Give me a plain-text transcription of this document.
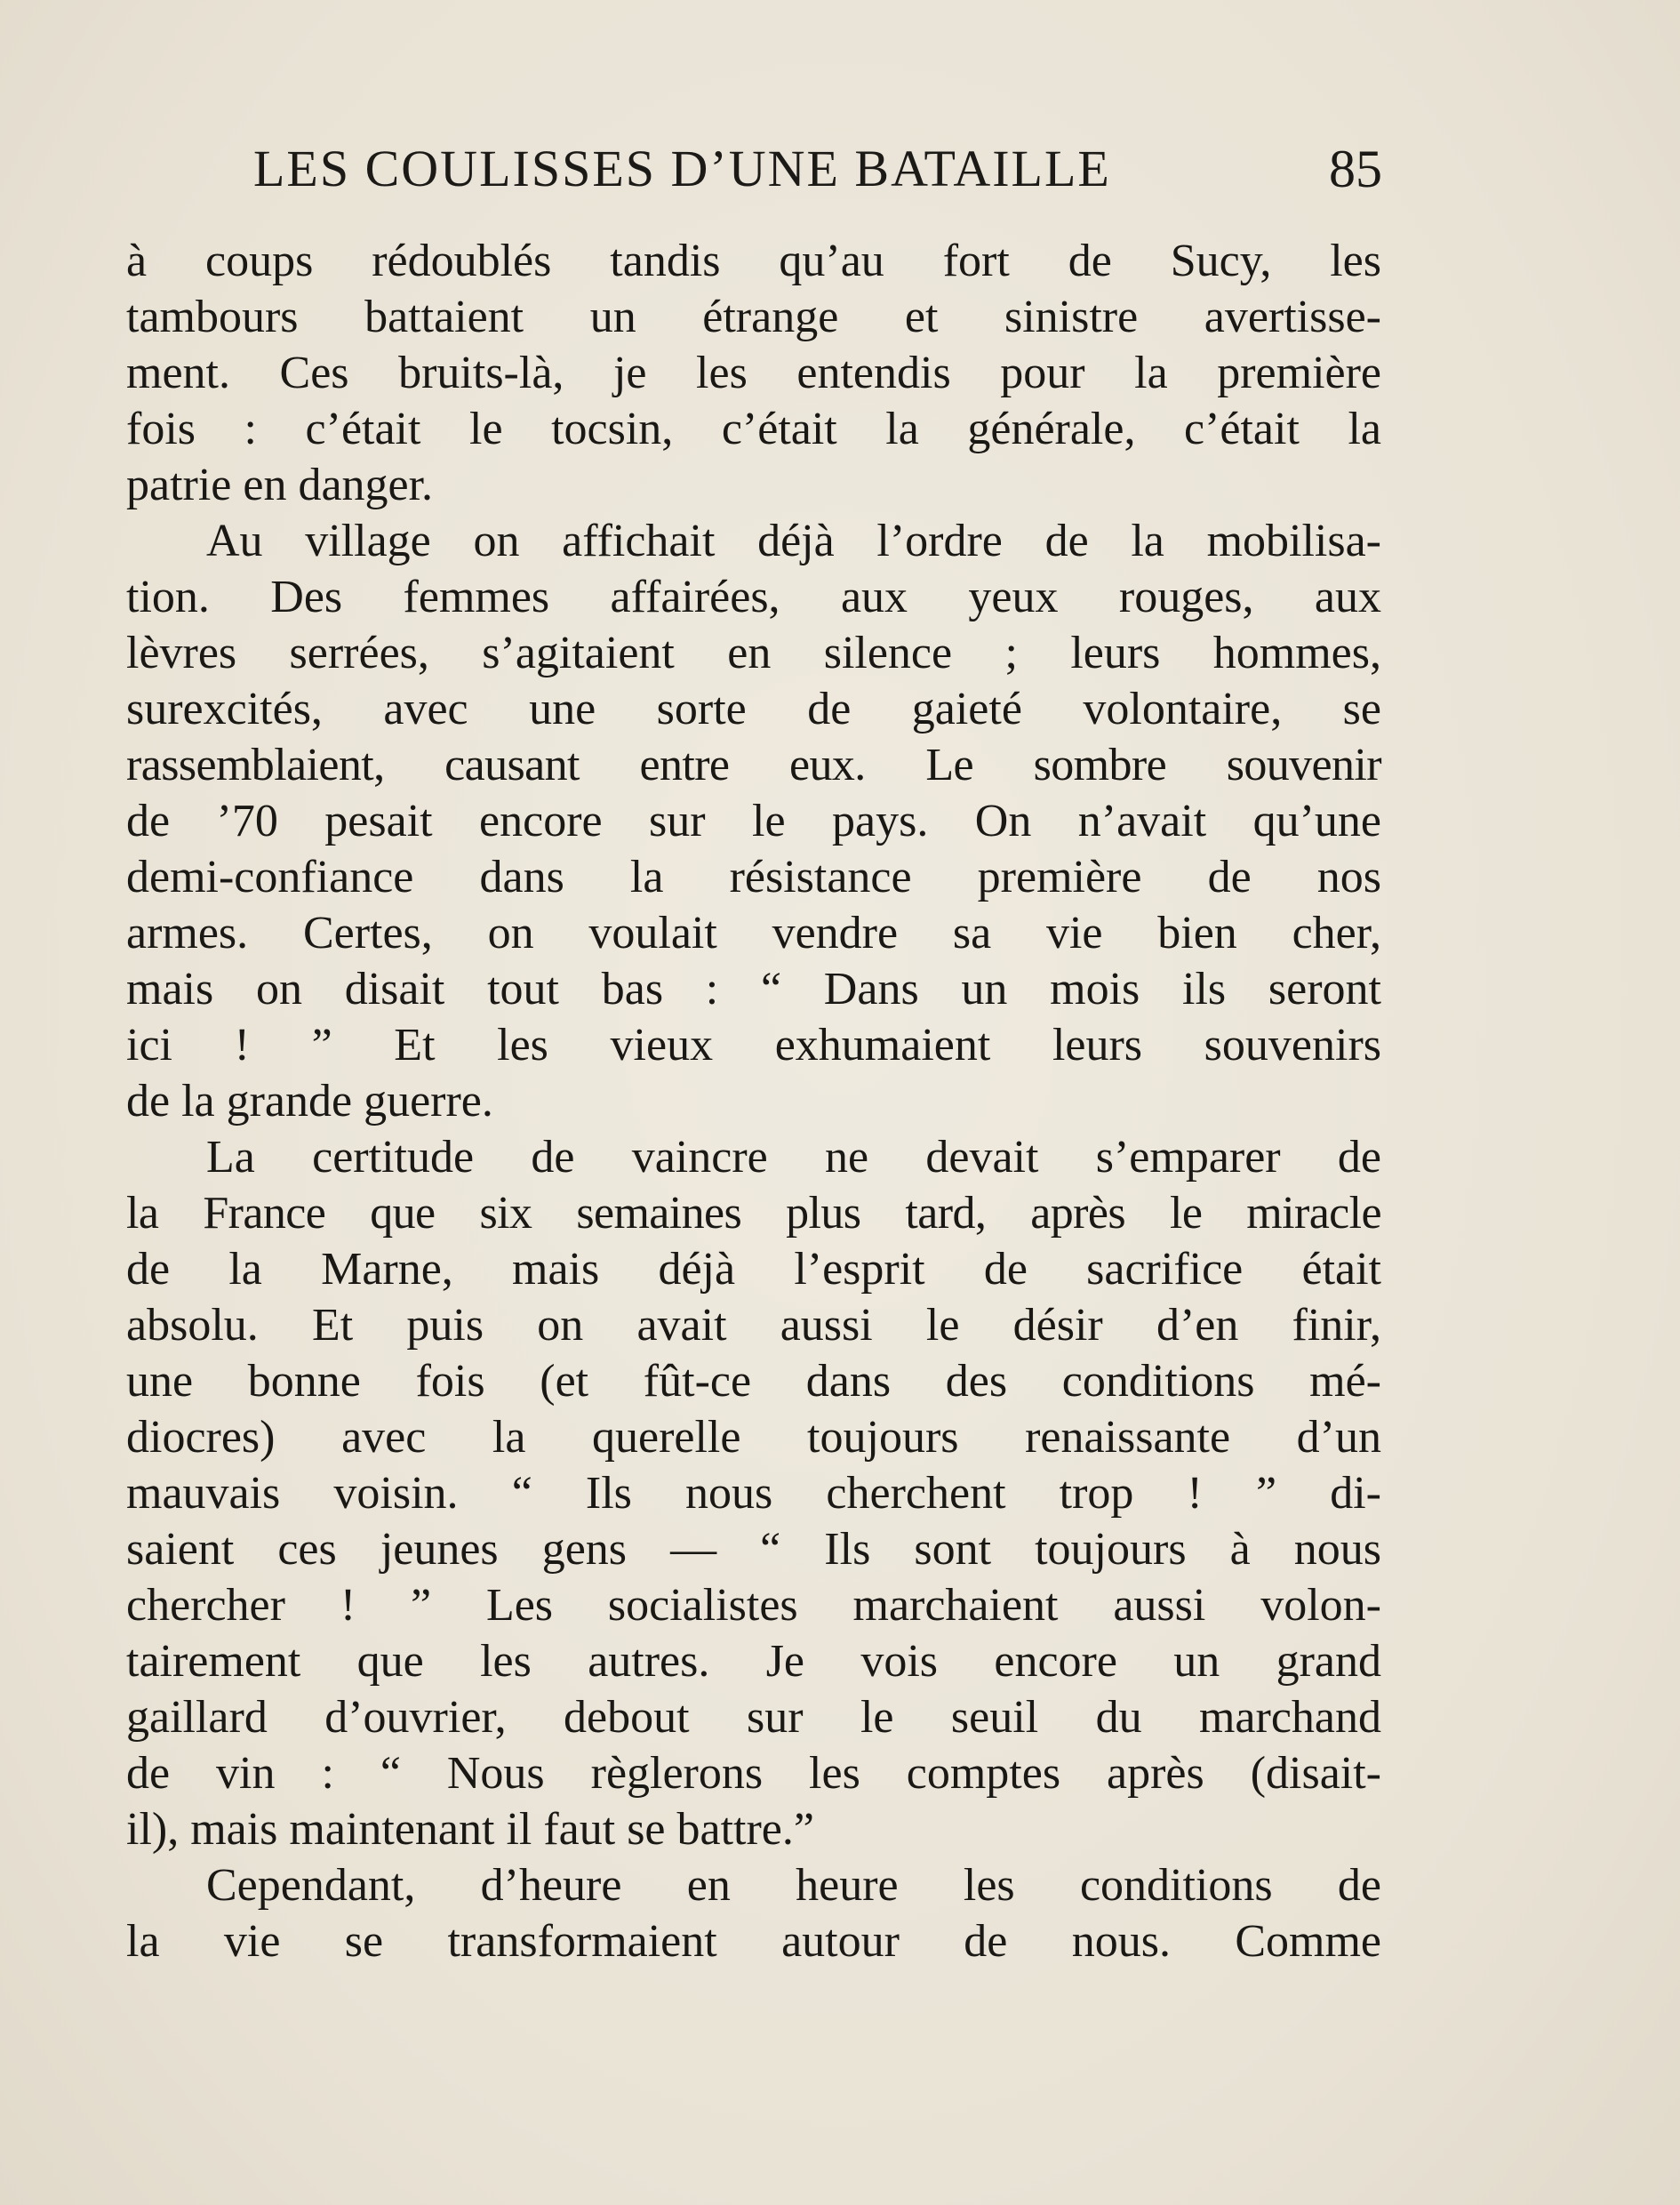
LES COULISSES D’UNE BATAILLE	85
à coups rédoublés tandis qu’au fort de Sucy, les
tambours battaient un étrange et sinistre avertisse-
ment. Ces bruits-là, je les entendis pour la première
fois : c’était le tocsin, c’était la générale, c’était la
patrie en danger.
Au village on affichait déjà l’ordre de la mobilisa-
tion. Des femmes affairées, aux yeux rouges, aux
lèvres serrées, s’agitaient en silence ; leurs hommes,
surexcités, avec une sorte de gaieté volontaire, se
rassemblaient, causant entre eux. Le sombre souvenir
de ’70 pesait encore sur le pays. On n’avait qu’une
demi-confiance dans la résistance première de nos
armes. Certes, on voulait vendre sa vie bien cher,
mais on disait tout bas : “ Dans un mois ils seront
ici ! ” Et les vieux exhumaient leurs souvenirs
de la grande guerre.
La certitude de vaincre ne devait s’emparer de
la France que six semaines plus tard, après le miracle
de la Marne, mais déjà l’esprit de sacrifice était
absolu. Et puis on avait aussi le désir d’en finir,
une bonne fois (et fût-ce dans des conditions mé-
diocres) avec la querelle toujours renaissante d’un
mauvais voisin. “ Ils nous cherchent trop ! ” di-
saient ces jeunes gens — “ Ils sont toujours à nous
chercher ! ” Les socialistes marchaient aussi volon-
tairement que les autres. Je vois encore un grand
gaillard d’ouvrier, debout sur le seuil du marchand
de vin : “ Nous règlerons les comptes après (disait-
il), mais maintenant il faut se battre.”
Cependant, d’heure en heure les conditions de
la vie se transformaient autour de nous. Comme
